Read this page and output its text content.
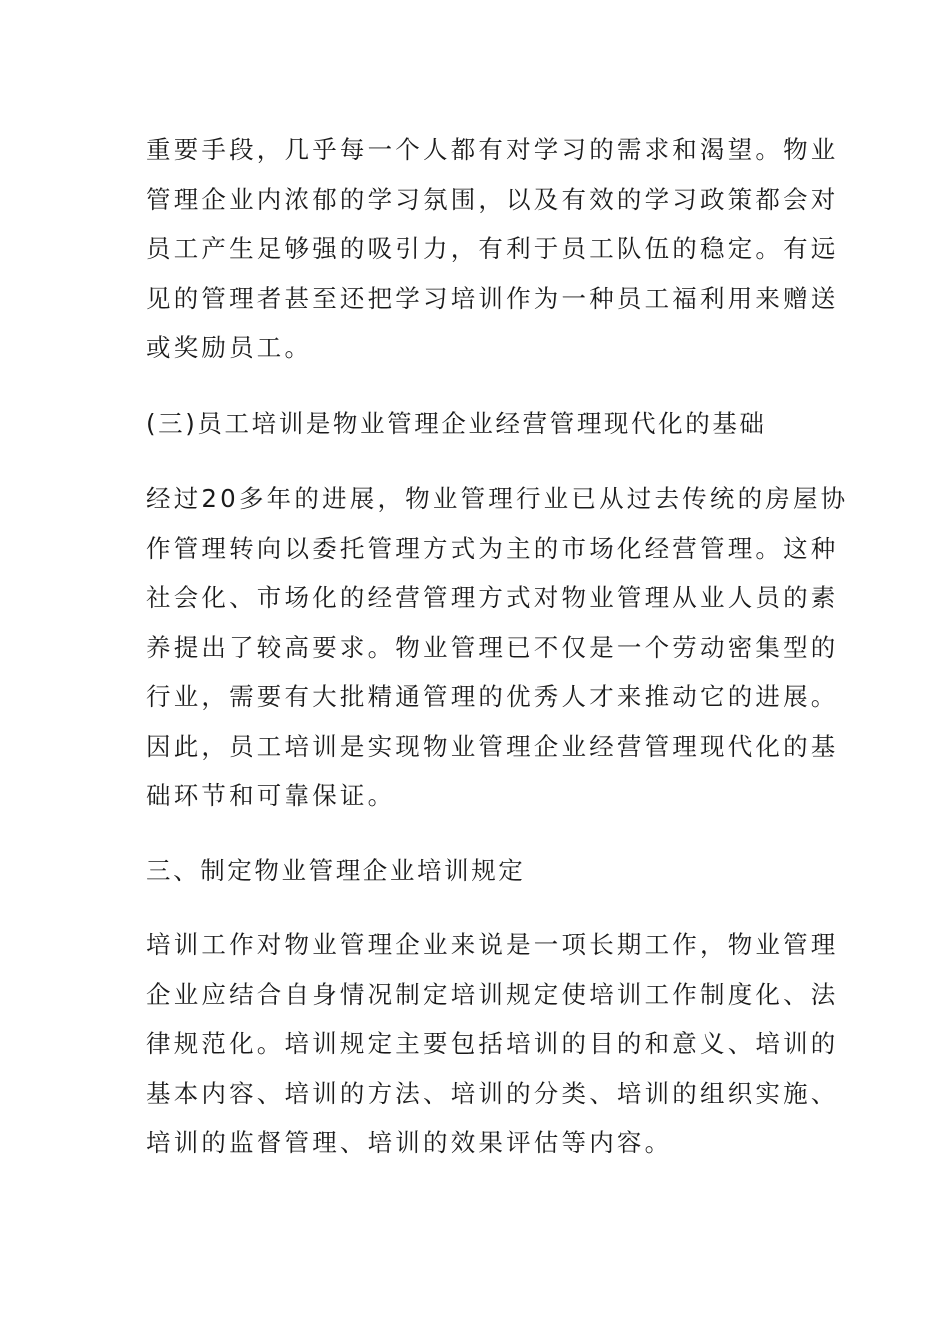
重要手段，几乎每一个人都有对学习的需求和渴望。物业
管理企业内浓郁的学习氛围，以及有效的学习政策都会对
员工产生足够强的吸引力，有利于员工队伍的稳定。有远
见的管理者甚至还把学习培训作为一种员工福利用来赠送
或奖励员工。
(三)员工培训是物业管理企业经营管理现代化的基础
经过20多年的进展，物业管理行业已从过去传统的房屋协
作管理转向以委托管理方式为主的市场化经营管理。这种
社会化、市场化的经营管理方式对物业管理从业人员的素
养提出了较高要求。物业管理已不仅是一个劳动密集型的
行业，需要有大批精通管理的优秀人才来推动它的进展。
因此，员工培训是实现物业管理企业经营管理现代化的基
础环节和可靠保证。
三、制定物业管理企业培训规定
培训工作对物业管理企业来说是一项长期工作，物业管理
企业应结合自身情况制定培训规定使培训工作制度化、法
律规范化。培训规定主要包括培训的目的和意义、培训的
基本内容、培训的方法、培训的分类、培训的组织实施、
培训的监督管理、培训的效果评估等内容。
